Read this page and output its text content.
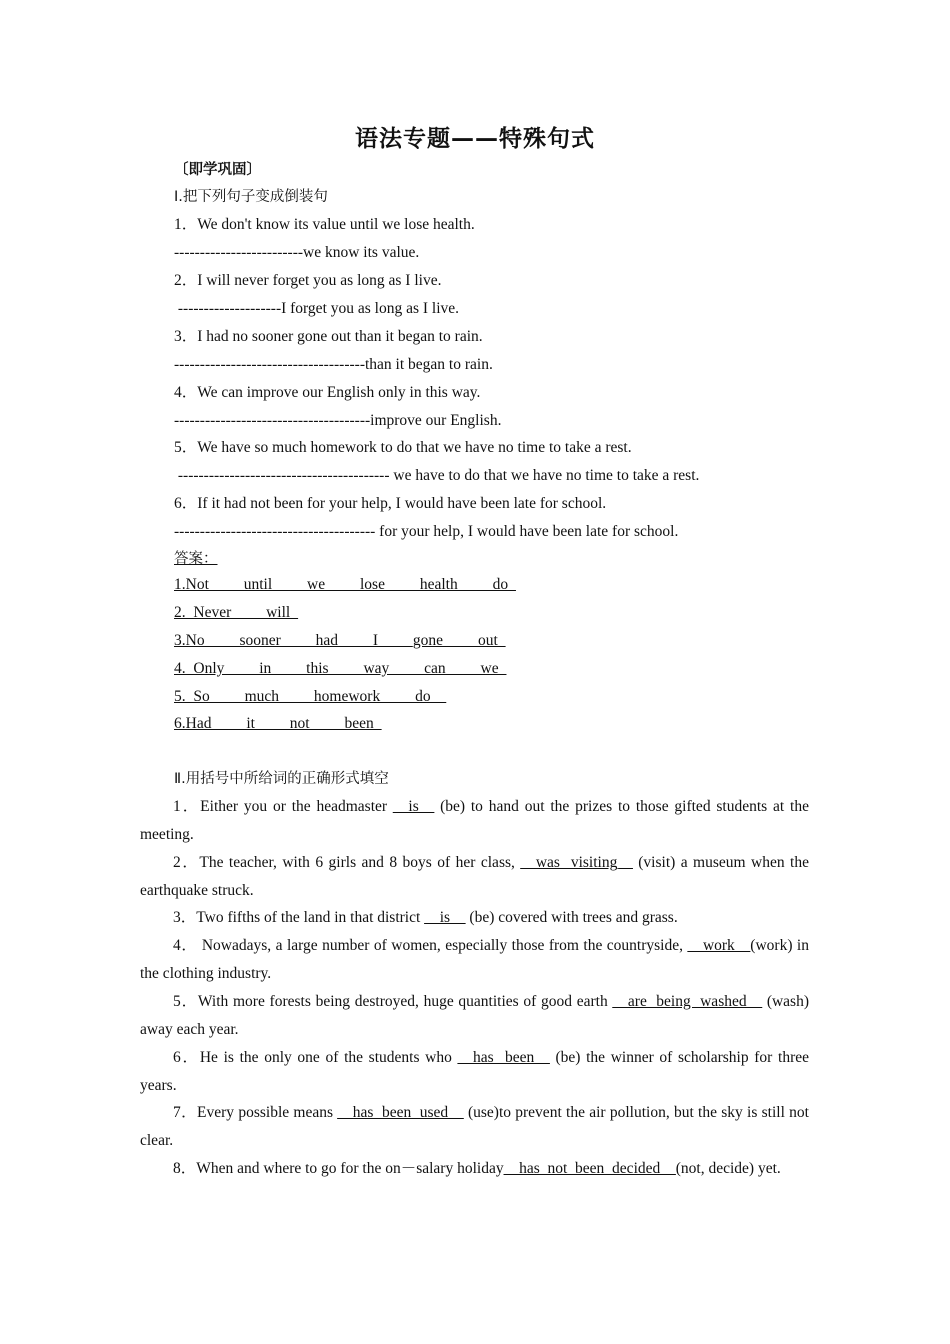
语法专题——特殊句式
〔即学巩固〕
Ⅰ.把下列句子变成倒装句
1．We don't know its value until we lose health.
-------------------------we know its value.
2．I will never forget you as long as I live.
--------------------I forget you as long as I live.
3．I had no sooner gone out than it began to rain.
-------------------------------------than it began to rain.
4．We can improve our English only in this way.
--------------------------------------improve our English.
5．We have so much homework to do that we have no time to take a rest.
----------------------------------------- we have to do that we have no time to take a rest.
6．If it had not been for your help, I would have been late for school.
--------------------------------------- for your help, I would have been late for school.
答案：
1.Not__ __until__ __we__ __lose__ __health__ __do_
2._Never__ __will_
3.No__ __sooner__ __had__ __I__ __gone__ __out_
4._Only__ __in__ __this__ __way__ __can__ __we_
5._So__ __much__ __homework__ __do__
6.Had__ __it__ __not__ __been_
Ⅱ.用括号中所给词的正确形式填空
1．Either you or the headmaster __is__ (be) to hand out the prizes to those gifted students at the meeting.
2．The teacher, with 6 girls and 8 boys of her class, __was  visiting__ (visit) a museum when the earthquake struck.
3．Two fifths of the land in that district __is__ (be) covered with trees and grass.
4． Nowadays, a large number of women, especially those from the countryside, __work__(work) in the clothing industry.
5．With more forests being destroyed, huge quantities of good earth __are  being  washed__ (wash) away each year.
6．He is the only one of the students who __has  been__ (be) the winner of scholarship for three years.
7．Every possible means __has  been  used__ (use)to prevent the air pollution, but the sky is still not clear.
8．When and where to go for the on－salary holiday__has  not  been  decided__(not, decide) yet.
